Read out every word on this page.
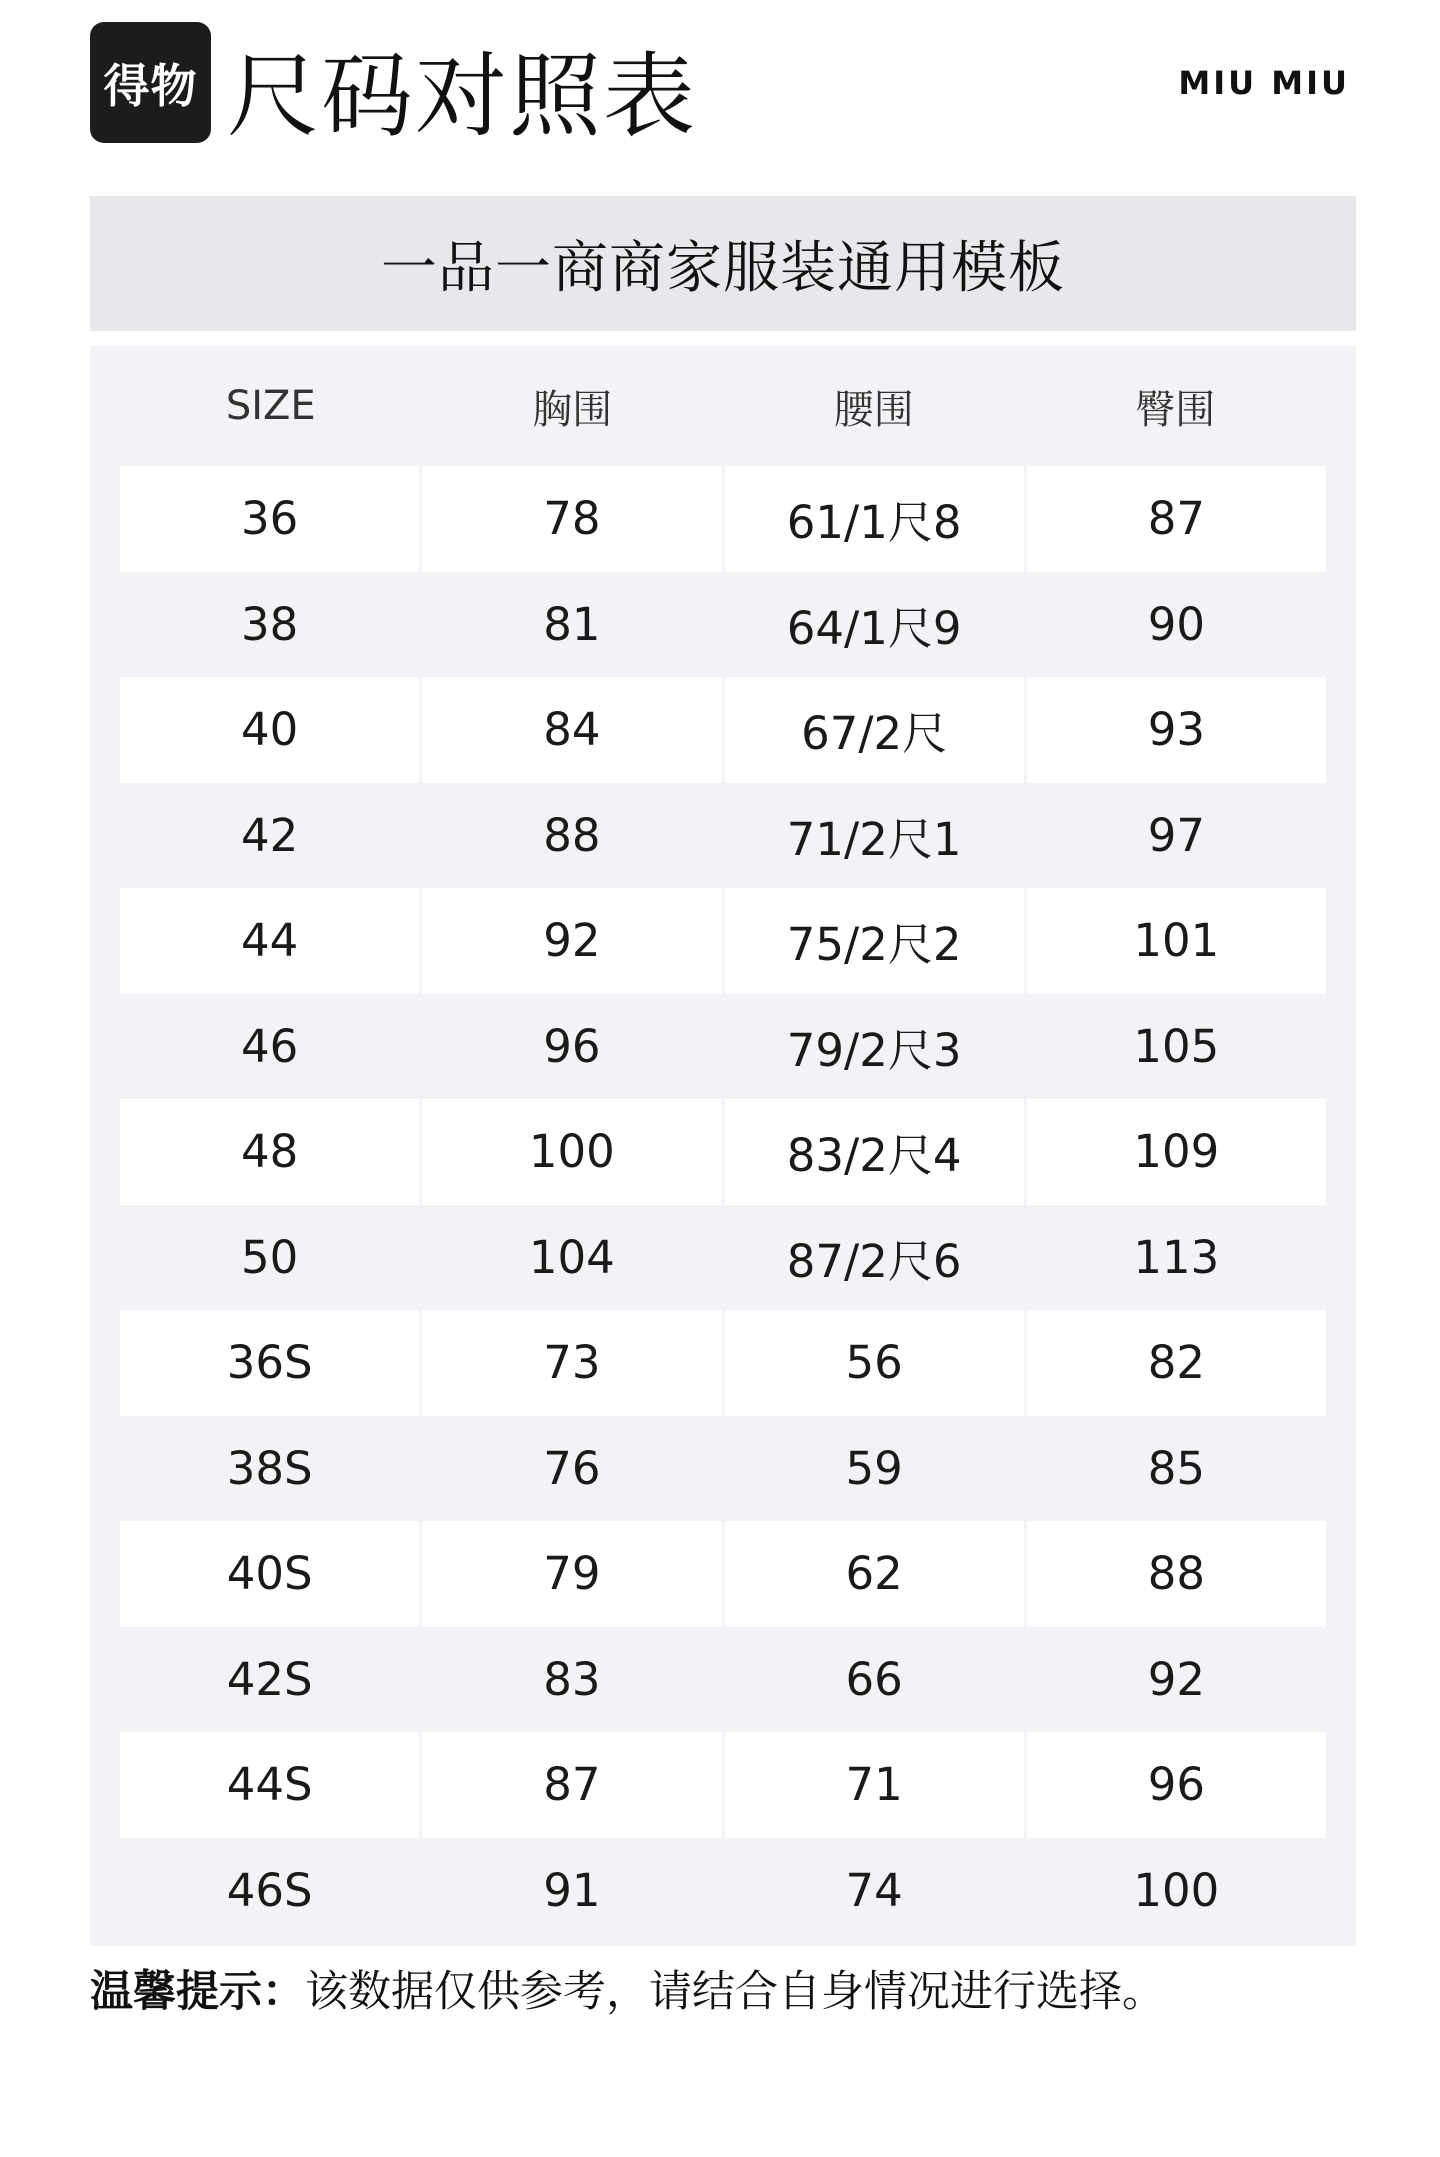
得物 尺码对照表	MIU MIU
一品一商商家服装通用模板
SIZE	胸围	腰围	臀围
36	78	61/1尺8	87
38	81	64/1尺9	90
40	84	67/2尺	93
42	88	71/2尺1	97
44	92	75/2尺2	101
46	96	79/2尺3	105
48	100	83/2尺4	109
50	104	87/2尺6	113
36S	73	56	82
38S	76	59	85
40S	79	62	88
42S	83	66	92
44S	87	71	96
46S	91	74	100
温馨提示：该数据仅供参考，请结合自身情况进行选择。
